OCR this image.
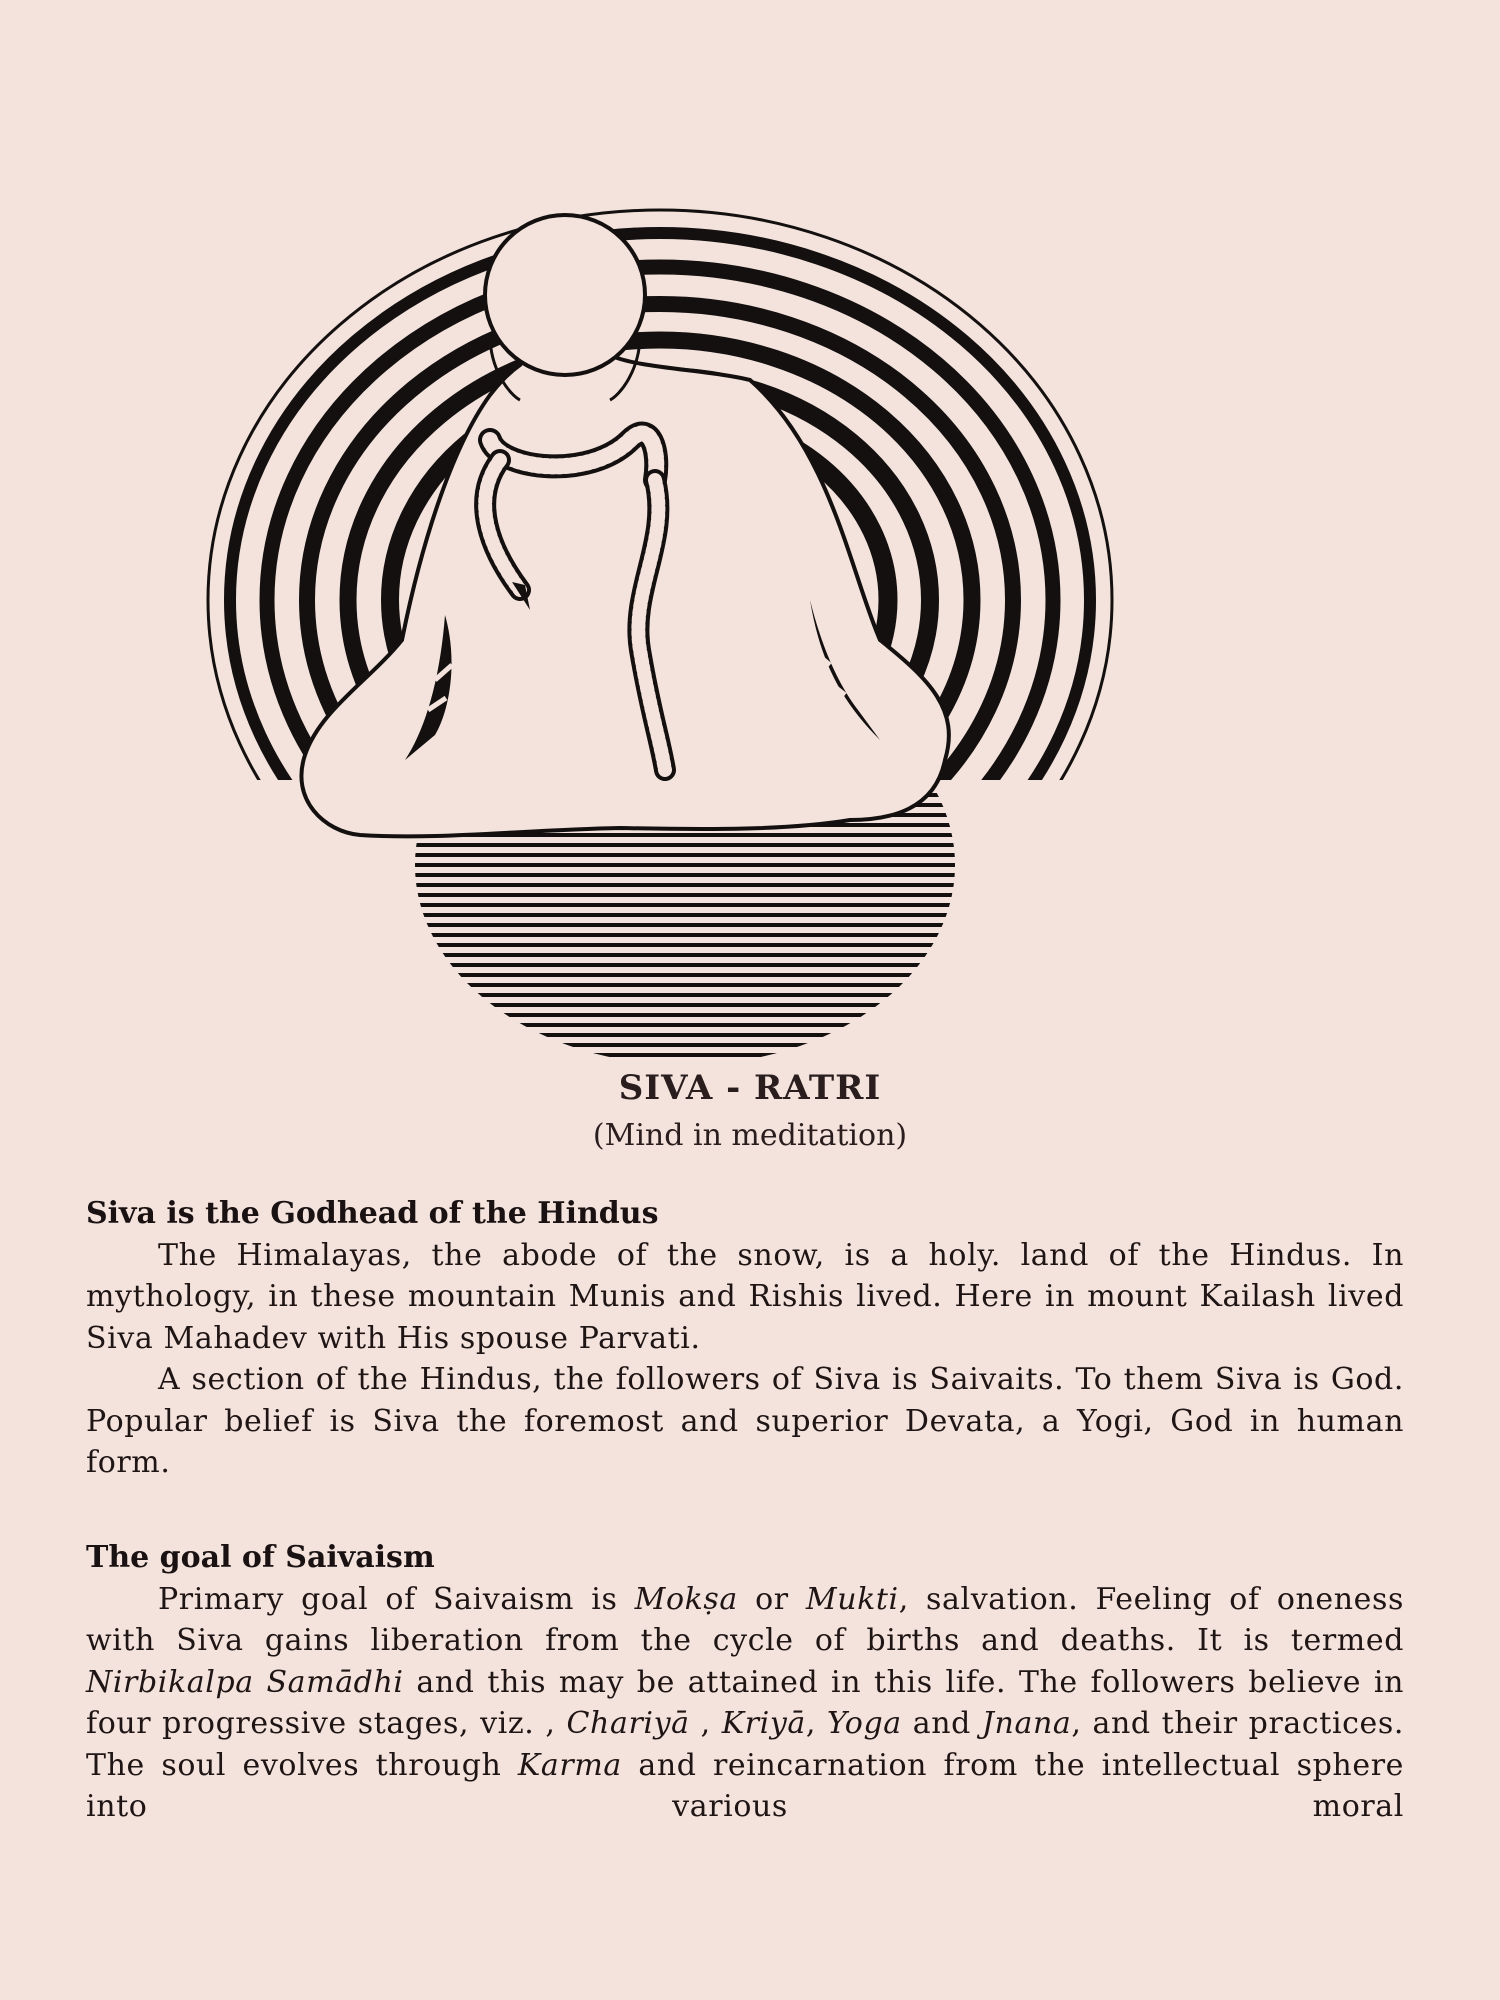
SIVA - RATRI
(Mind in meditation)
Siva is the Godhead of the Hindus

The Himalayas, the abode of the snow, is a holy. land of the Hindus. In mythology, in these mountain Munis and Rishis lived. Here in mount Kailash lived Siva Mahadev with His spouse Parvati.

A section of the Hindus, the followers of Siva is Saivaits. To them Siva is God. Popular belief is Siva the foremost and superior Devata, a Yogi, God in human form.

The goal of Saivaism

Primary goal of Saivaism is Mokṣa or Mukti, salvation. Feeling of oneness with Siva gains liberation from the cycle of births and deaths. It is termed Nirbikalpa Samādhi and this may be attained in this life. The followers believe in four progressive stages, viz. , Chariyā , Kriyā, Yoga and Jnana, and their practices. The soul evolves through Karma and reincarnation from the intellectual sphere into various moral
